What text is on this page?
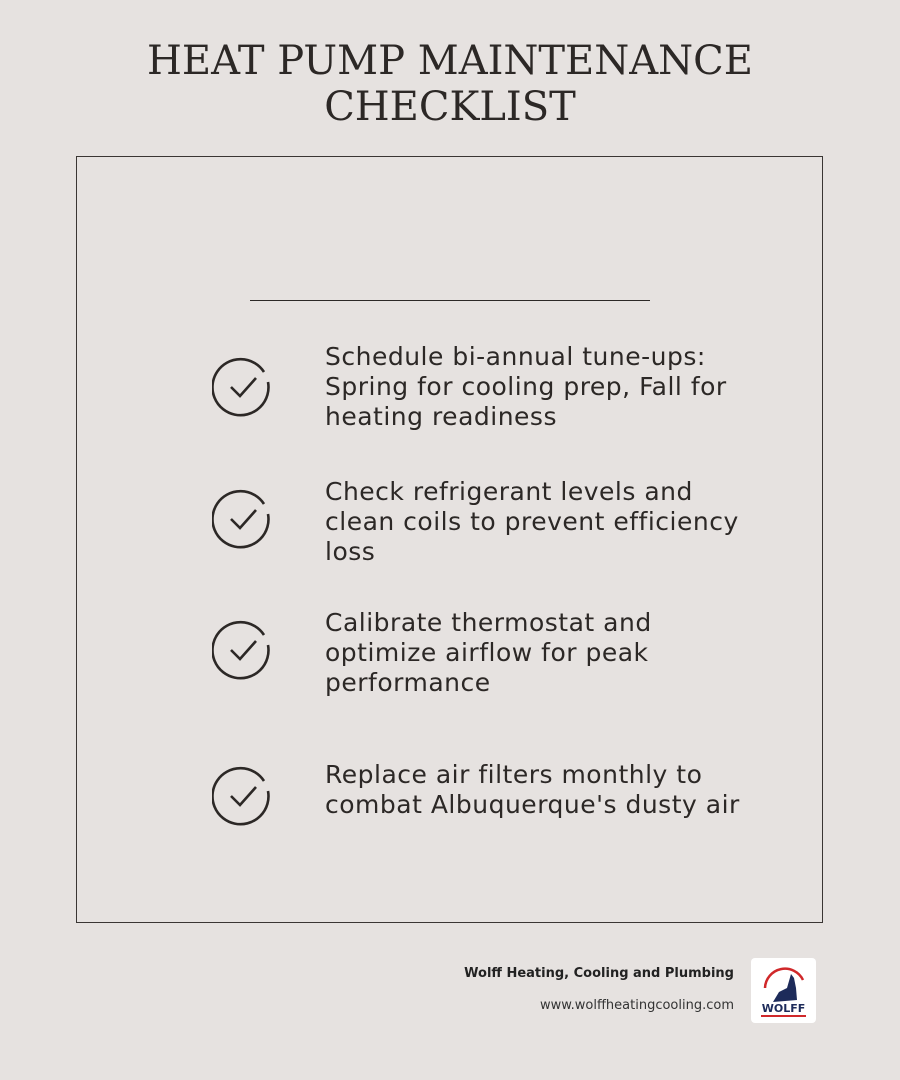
HEAT PUMP MAINTENANCE
CHECKLIST
Schedule bi-annual tune-ups: Spring for cooling prep, Fall for heating readiness
Check refrigerant levels and clean coils to prevent efficiency loss
Calibrate thermostat and optimize airflow for peak performance
Replace air filters monthly to combat Albuquerque's dusty air
Wolff Heating, Cooling and Plumbing
www.wolffheatingcooling.com	WOLFF
